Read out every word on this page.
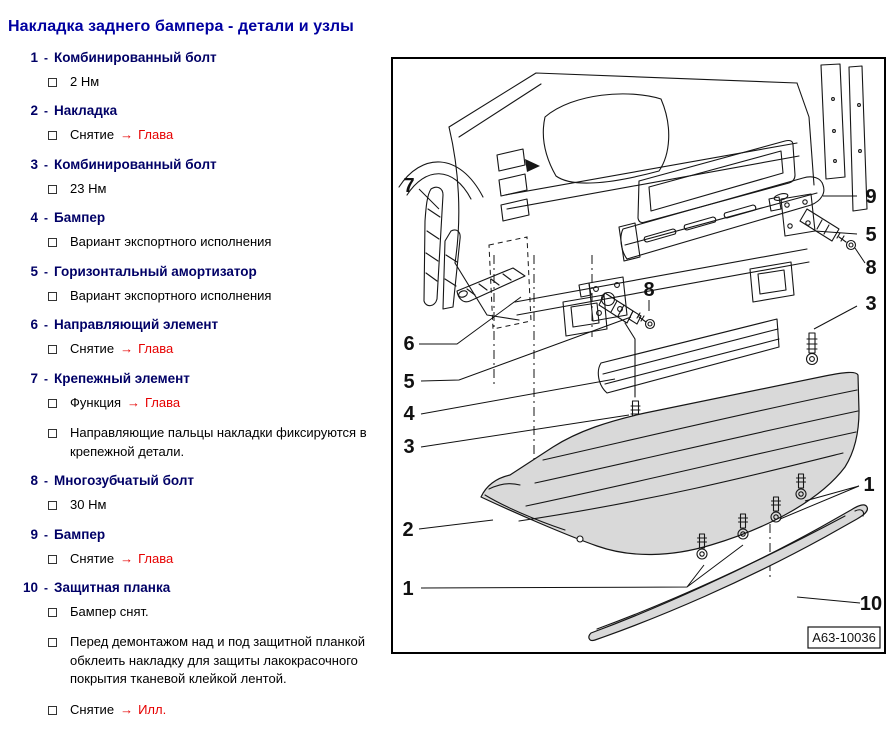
Накладка заднего бампера - детали и узлы
1 - Комбинированный болт
2 Нм
2 - Накладка
Снятие → Глава
3 - Комбинированный болт
23 Нм
4 - Бампер
Вариант экспортного исполнения
5 - Горизонтальный амортизатор
Вариант экспортного исполнения
6 - Направляющий элемент
Снятие → Глава
7 - Крепежный элемент
Функция → Глава
Направляющие пальцы накладки фиксируются в крепежной детали.
8 - Многозубчатый болт
30 Нм
9 - Бампер
Снятие → Глава
10 - Защитная планка
Бампер снят.
Перед демонтажом над и под защитной планкой обклеить накладку для защиты лакокрасочного покрытия тканевой клейкой лентой.
Снятие → Илл.
7
6
5
4
3
2
1
9
5
8
3
1
10
8
A63-10036
